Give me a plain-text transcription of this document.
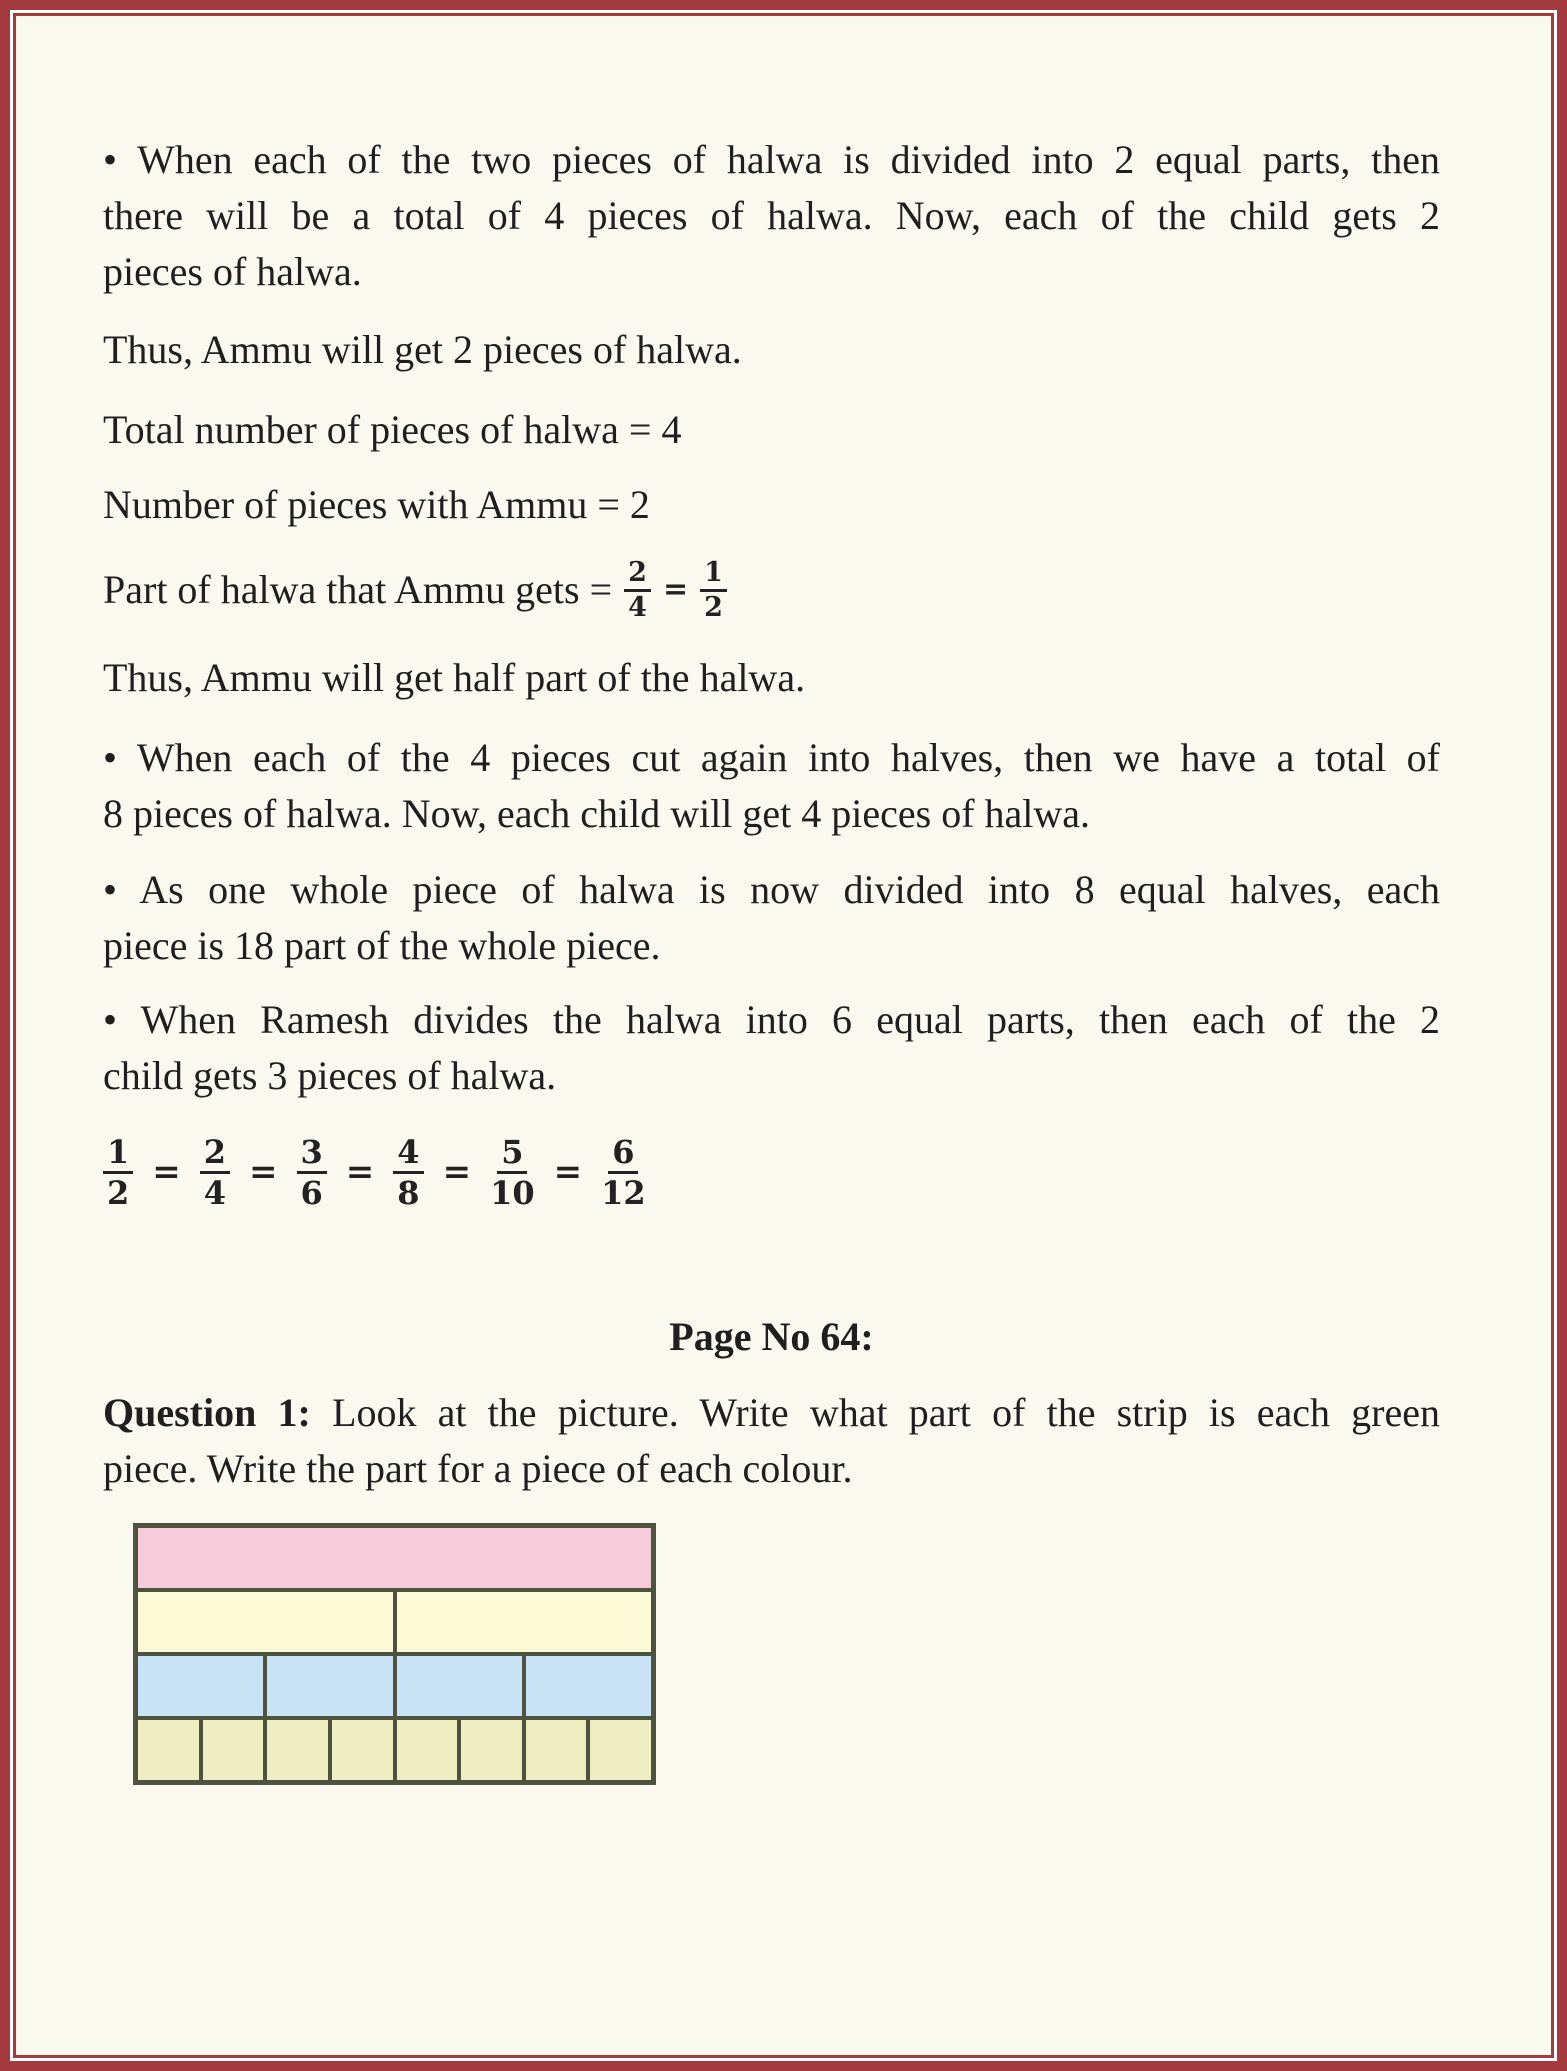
• When each of the two pieces of halwa is divided into 2 equal parts, then
there will be a total of 4 pieces of halwa. Now, each of the child gets 2
pieces of halwa.
Thus, Ammu will get 2 pieces of halwa.
Total number of pieces of halwa = 4
Number of pieces with Ammu = 2
Part of halwa that Ammu gets = $\frac{2}{4} = \frac{1}{2}$
Thus, Ammu will get half part of the halwa.
• When each of the 4 pieces cut again into halves, then we have a total of
8 pieces of halwa. Now, each child will get 4 pieces of halwa.
• As one whole piece of halwa is now divided into 8 equal halves, each
piece is 18 part of the whole piece.
• When Ramesh divides the halwa into 6 equal parts, then each of the 2
child gets 3 pieces of halwa.
$\frac{1}{2} = \frac{2}{4} = \frac{3}{6} = \frac{4}{8} = \frac{5}{10} = \frac{6}{12}$
Page No 64:
Question 1: Look at the picture. Write what part of the strip is each green
piece. Write the part for a piece of each colour.
